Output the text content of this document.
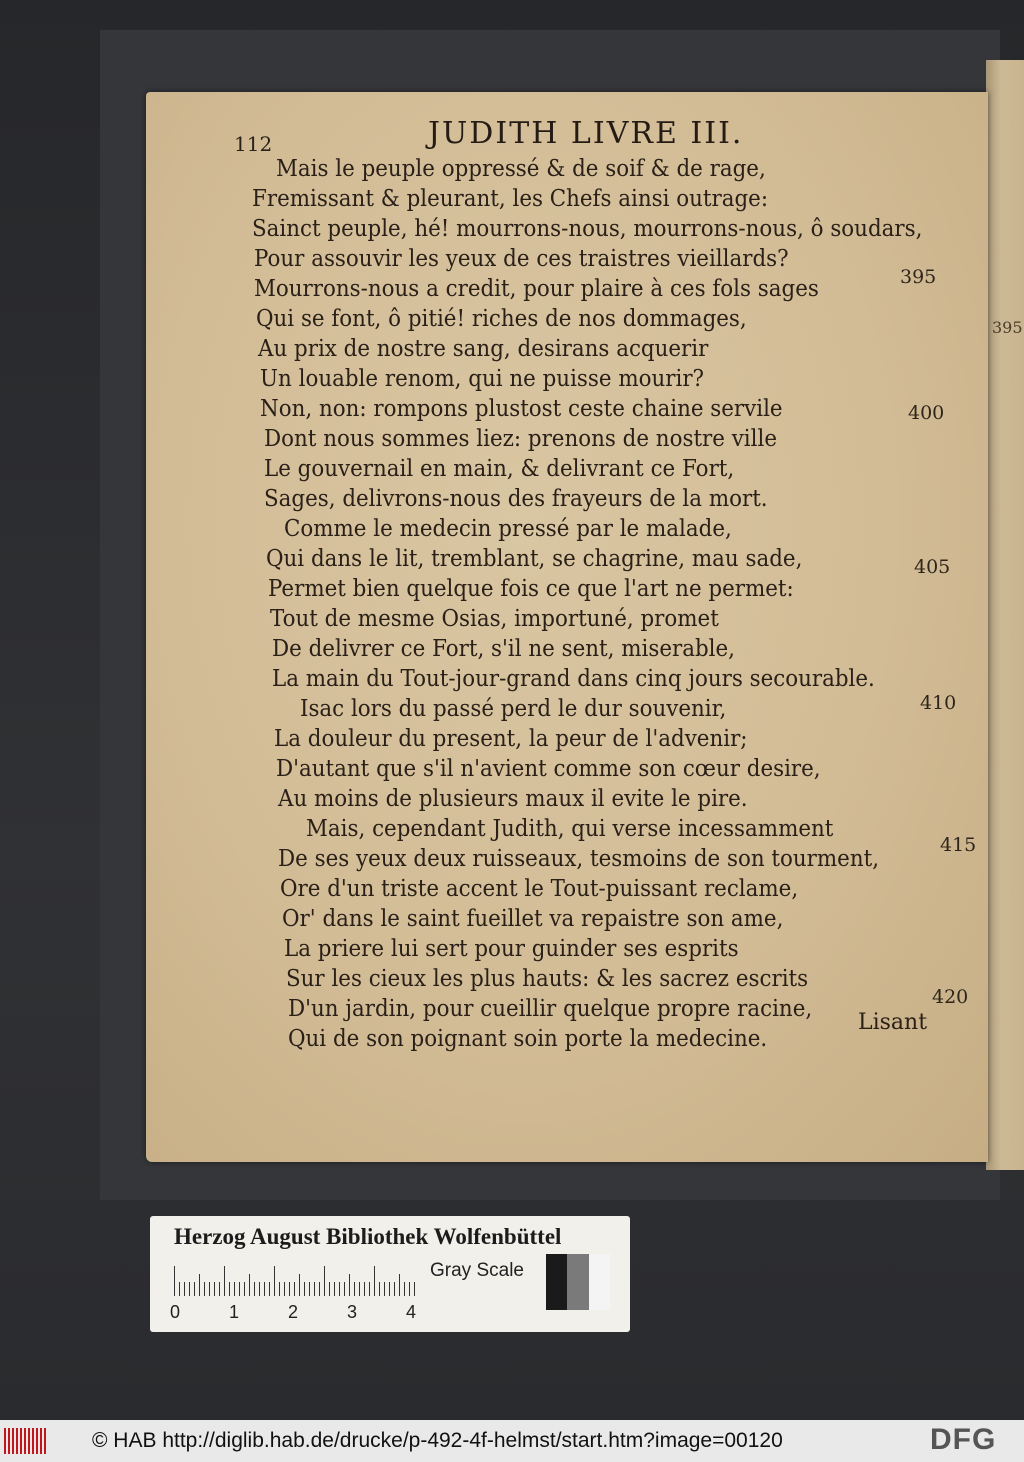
395
112	JUDITH LIVRE III.
Mais le peuple oppressé & de soif & de rage,
Fremissant & pleurant, les Chefs ainsi outrage:
Sainct peuple, hé! mourrons-nous, mourrons-nous, ô soudars,
Pour assouvir les yeux de ces traistres vieillards?
Mourrons-nous a credit, pour plaire à ces fols sages
Qui se font, ô pitié! riches de nos dommages,
Au prix de nostre sang, desirans acquerir
Un louable renom, qui ne puisse mourir?
Non, non: rompons plustost ceste chaine servile
Dont nous sommes liez: prenons de nostre ville
Le gouvernail en main, & delivrant ce Fort,
Sages, delivrons-nous des frayeurs de la mort.
Comme le medecin pressé par le malade,
Qui dans le lit, tremblant, se chagrine, mau sade,
Permet bien quelque fois ce que l'art ne permet:
Tout de mesme Osias, importuné, promet
De delivrer ce Fort, s'il ne sent, miserable,
La main du Tout-jour-grand dans cinq jours secourable.
Isac lors du passé perd le dur souvenir,
La douleur du present, la peur de l'advenir;
D'autant que s'il n'avient comme son cœur desire,
Au moins de plusieurs maux il evite le pire.
Mais, cependant Judith, qui verse incessamment
De ses yeux deux ruisseaux, tesmoins de son tourment,
Ore d'un triste accent le Tout-puissant reclame,
Or' dans le saint fueillet va repaistre son ame,
La priere lui sert pour guinder ses esprits
Sur les cieux les plus hauts: & les sacrez escrits
D'un jardin, pour cueillir quelque propre racine,
Qui de son poignant soin porte la medecine.
395
400
405
410
415
420
Lisant
Herzog August Bibliothek Wolfenbüttel
0	1	2	3	4
Gray Scale
© HAB http://diglib.hab.de/drucke/p-492-4f-helmst/start.htm?image=00120	DFG
